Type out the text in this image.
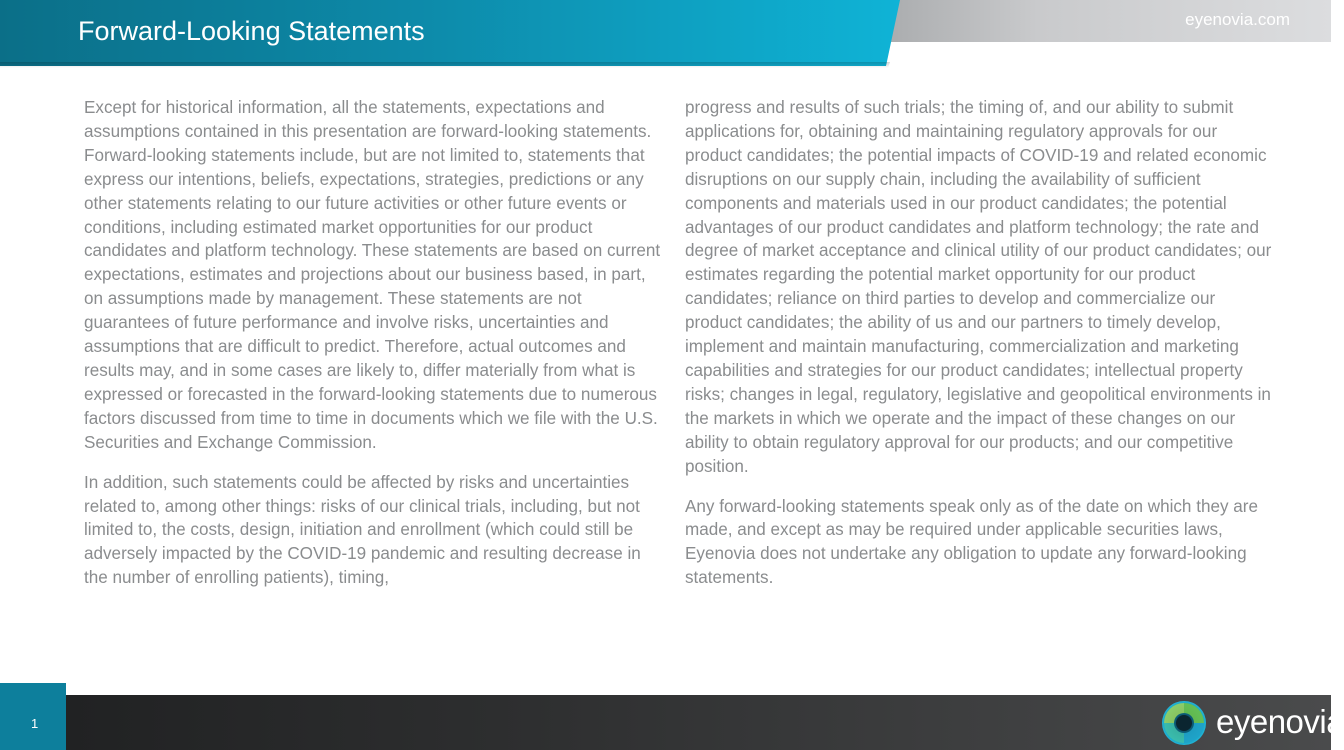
Forward-Looking Statements	eyenovia.com

Except for historical information, all the statements, expectations and assumptions contained in this presentation are forward-looking statements. Forward-looking statements include, but are not limited to, statements that express our intentions, beliefs, expectations, strategies, predictions or any other statements relating to our future activities or other future events or conditions, including estimated market opportunities for our product candidates and platform technology. These statements are based on current expectations, estimates and projections about our business based, in part, on assumptions made by management. These statements are not guarantees of future performance and involve risks, uncertainties and assumptions that are difficult to predict. Therefore, actual outcomes and results may, and in some cases are likely to, differ materially from what is expressed or forecasted in the forward-looking statements due to numerous factors discussed from time to time in documents which we file with the U.S. Securities and Exchange Commission.

In addition, such statements could be affected by risks and uncertainties related to, among other things: risks of our clinical trials, including, but not limited to, the costs, design, initiation and enrollment (which could still be adversely impacted by the COVID-19 pandemic and resulting decrease in the number of enrolling patients), timing,

progress and results of such trials; the timing of, and our ability to submit applications for, obtaining and maintaining regulatory approvals for our product candidates; the potential impacts of COVID-19 and related economic disruptions on our supply chain, including the availability of sufficient components and materials used in our product candidates; the potential advantages of our product candidates and platform technology; the rate and degree of market acceptance and clinical utility of our product candidates; our estimates regarding the potential market opportunity for our product candidates; reliance on third parties to develop and commercialize our product candidates; the ability of us and our partners to timely develop, implement and maintain manufacturing, commercialization and marketing capabilities and strategies for our product candidates; intellectual property risks; changes in legal, regulatory, legislative and geopolitical environments in the markets in which we operate and the impact of these changes on our ability to obtain regulatory approval for our products; and our competitive position.

Any forward-looking statements speak only as of the date on which they are made, and except as may be required under applicable securities laws, Eyenovia does not undertake any obligation to update any forward-looking statements.

1	eyenovia
